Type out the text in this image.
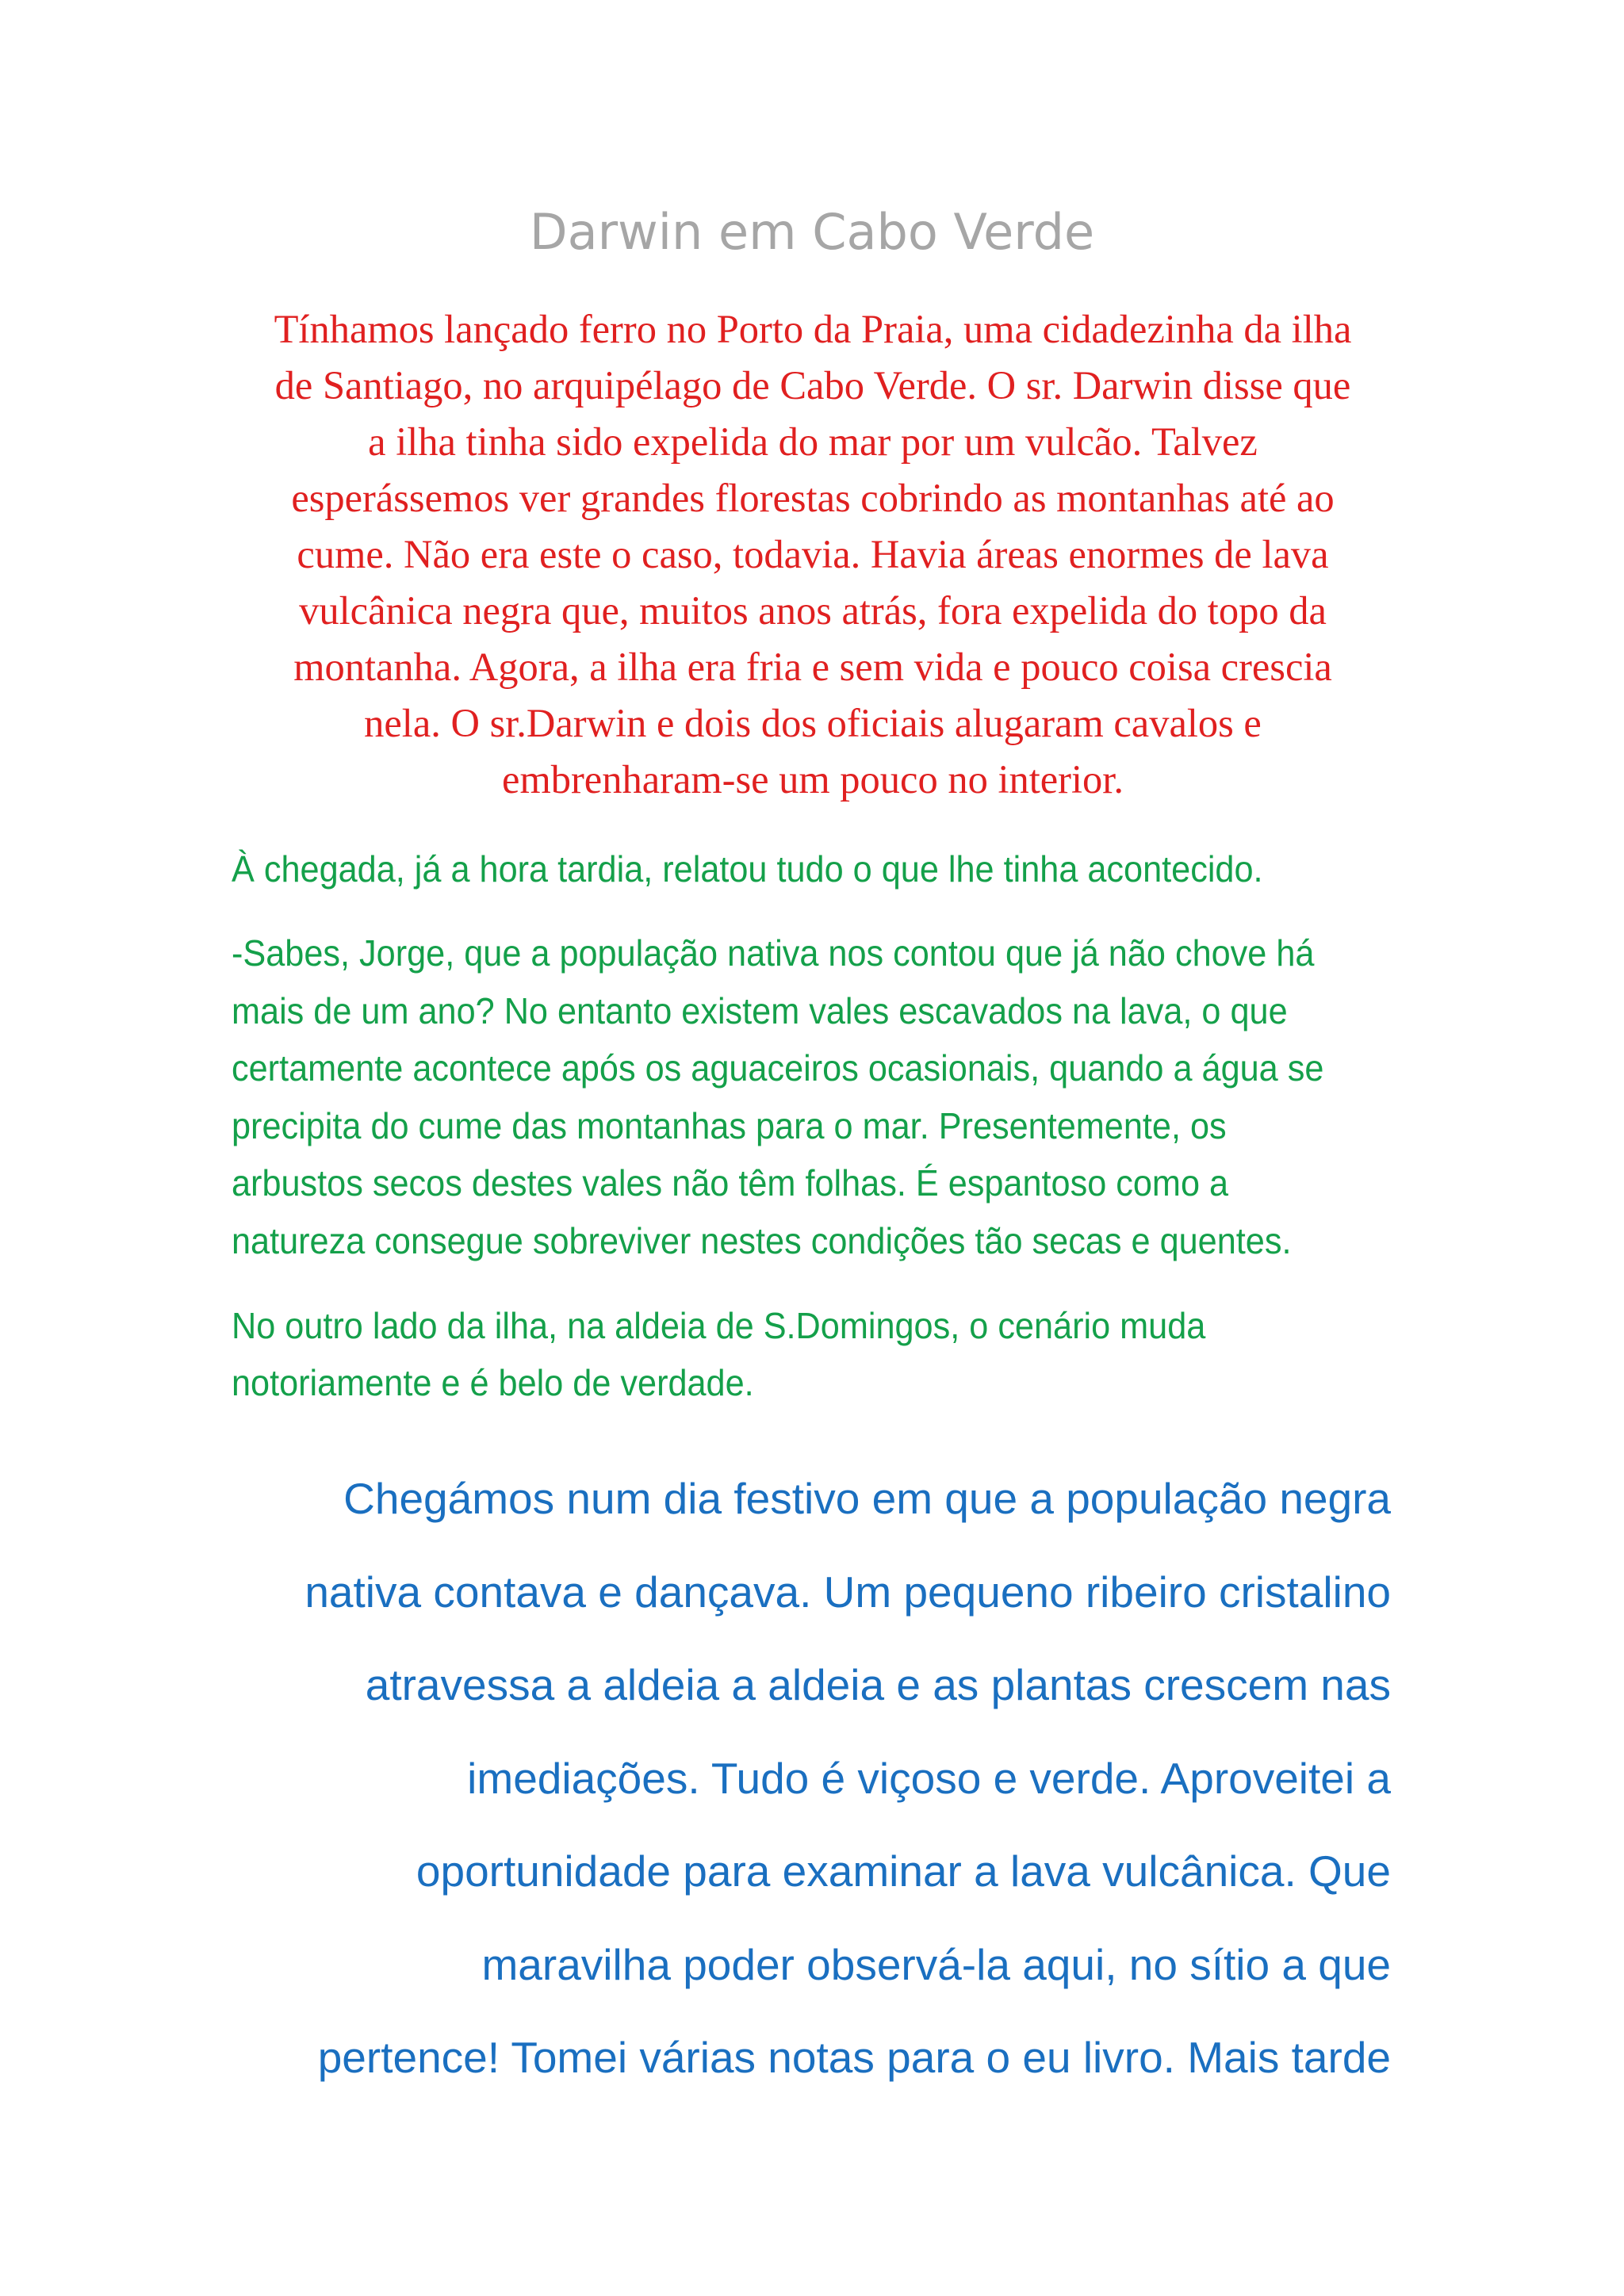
Darwin em Cabo Verde

Tínhamos lançado ferro no Porto da Praia, uma cidadezinha da ilha
de Santiago, no arquipélago de Cabo Verde. O sr. Darwin disse que
a ilha tinha sido expelida do mar por um vulcão. Talvez
esperássemos ver grandes florestas cobrindo as montanhas até ao
cume. Não era este o caso, todavia. Havia áreas enormes de lava
vulcânica negra que, muitos anos atrás, fora expelida do topo da
montanha. Agora, a ilha era fria e sem vida e pouco coisa crescia
nela. O sr.Darwin e dois dos oficiais alugaram cavalos e
embrenharam-se um pouco no interior.

À chegada, já a hora tardia, relatou tudo o que lhe tinha acontecido.

-Sabes, Jorge, que a população nativa nos contou que já não chove há
mais de um ano? No entanto existem vales escavados na lava, o que
certamente acontece após os aguaceiros ocasionais, quando a água se
precipita do cume das montanhas para o mar. Presentemente, os
arbustos secos destes vales não têm folhas. É espantoso como a
natureza consegue sobreviver nestes condições tão secas e quentes.

No outro lado da ilha, na aldeia de S.Domingos, o cenário muda
notoriamente e é belo de verdade.

Chegámos num dia festivo em que a população negra
nativa contava e dançava. Um pequeno ribeiro cristalino
atravessa a aldeia a aldeia e as plantas crescem nas
imediações. Tudo é viçoso e verde. Aproveitei a
oportunidade para examinar a lava vulcânica. Que
maravilha poder observá-la aqui, no sítio a que
pertence! Tomei várias notas para o eu livro. Mais tarde
